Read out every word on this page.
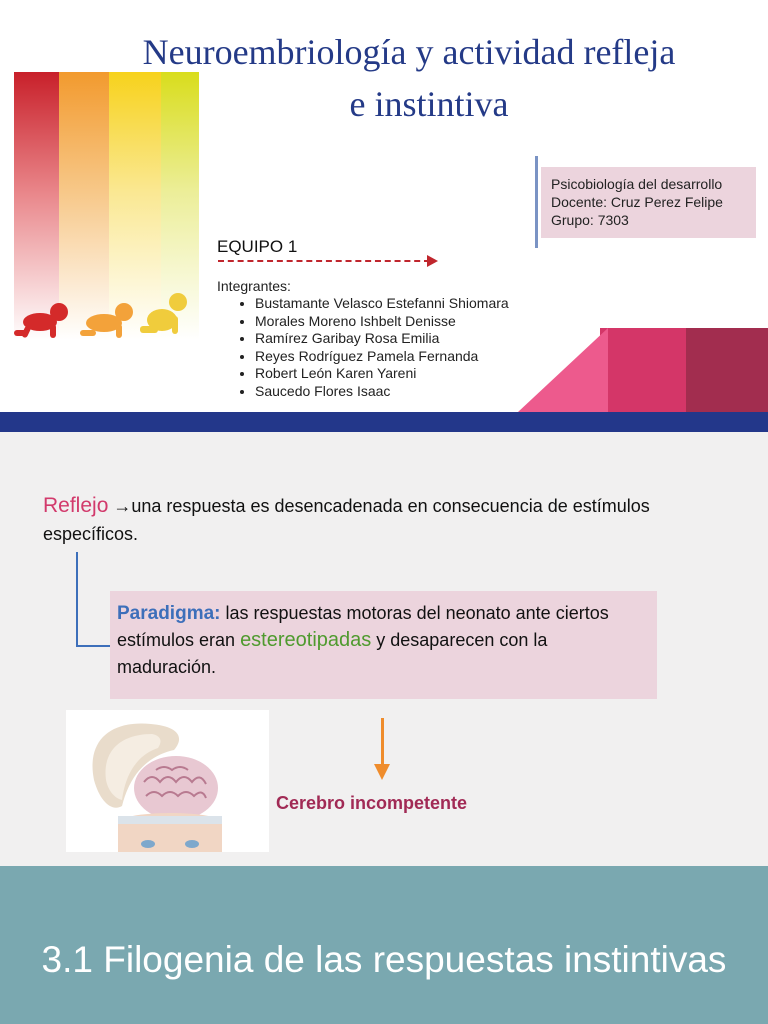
Neuroembriología y actividad refleja
e instintiva
Psicobiología del desarrollo
Docente: Cruz Perez Felipe
Grupo: 7303
EQUIPO 1
Integrantes:
• Bustamante Velasco Estefanni Shiomara
• Morales Moreno Ishbelt Denisse
• Ramírez Garibay Rosa Emilia
• Reyes Rodríguez Pamela Fernanda
• Robert León Karen Yareni
• Saucedo Flores Isaac
Reflejo →una respuesta es desencadenada en consecuencia de estímulos específicos.
Paradigma: las respuestas motoras del neonato ante ciertos estímulos eran estereotipadas y desaparecen con la maduración.
Cerebro incompetente
3.1 Filogenia de las respuestas instintivas
